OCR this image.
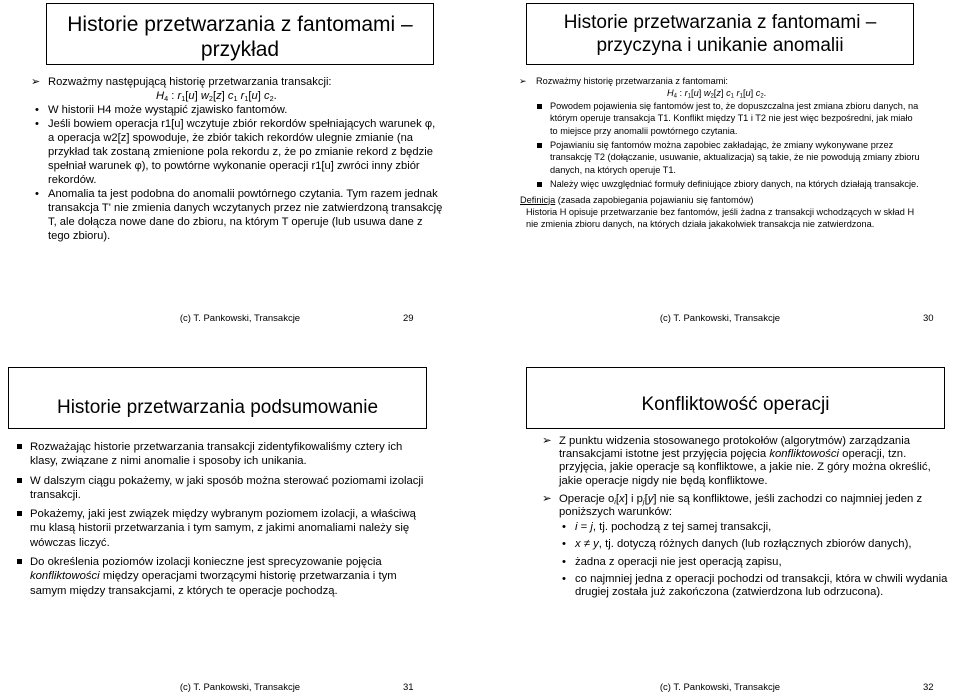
Historie przetwarzania z fantomami –
przykład
➢ Rozważmy następującą historię przetwarzania transakcji:
$H_4$ : $r_1[u]$ $w_2[z]$ $c_1$ $r_1[u]$ $c_2$.
• W historii H4 może wystąpić zjawisko fantomów.
• Jeśli bowiem operacja r1[u] wczytuje zbiór rekordów spełniających warunek φ, a operacja w2[z] spowoduje, że zbiór takich rekordów ulegnie zmianie (na przykład tak zostaną zmienione pola rekordu z, że po zmianie rekord z będzie spełniał warunek φ), to powtórne wykonanie operacji r1[u] zwróci inny zbiór rekordów.
• Anomalia ta jest podobna do anomalii powtórnego czytania. Tym razem jednak transakcja T' nie zmienia danych wczytanych przez nie zatwierdzoną transakcję T, ale dołącza nowe dane do zbioru, na którym T operuje (lub usuwa dane z tego zbioru).
(c) T. Pankowski, Transakcje	29
Historie przetwarzania z fantomami –
przyczyna i unikanie anomalii
➢ Rozważmy historię przetwarzania z fantomami:
$H_4$ : $r_1[u]$ $w_2[z]$ $c_1$ $r_1[u]$ $c_2$.
Powodem pojawienia się fantomów jest to, że dopuszczalna jest zmiana zbioru danych, na którym operuje transakcja T1. Konflikt między T1 i T2 nie jest więc bezpośredni, jak miało to miejsce przy anomalii powtórnego czytania.
Pojawianiu się fantomów można zapobiec zakładając, że zmiany wykonywane przez transakcję T2 (dołączanie, usuwanie, aktualizacja) są takie, że nie powodują zmiany zbioru danych, na których operuje T1.
Należy więc uwzględniać formuły definiujące zbiory danych, na których działają transakcje.
Definicja (zasada zapobiegania pojawianiu się fantomów)
Historia H opisuje przetwarzanie bez fantomów, jeśli żadna z transakcji wchodzących w skład H nie zmienia zbioru danych, na których działa jakakolwiek transakcja nie zatwierdzona.
(c) T. Pankowski, Transakcje	30
Historie przetwarzania podsumowanie
Rozważając historie przetwarzania transakcji zidentyfikowaliśmy cztery ich klasy, związane z nimi anomalie i sposoby ich unikania.
W dalszym ciągu pokażemy, w jaki sposób można sterować poziomami izolacji transakcji.
Pokażemy, jaki jest związek między wybranym poziomem izolacji, a właściwą mu klasą historii przetwarzania i tym samym, z jakimi anomaliami należy się wówczas liczyć.
Do określenia poziomów izolacji konieczne jest sprecyzowanie pojęcia konfliktowości między operacjami tworzącymi historię przetwarzania i tym samym między transakcjami, z których te operacje pochodzą.
(c) T. Pankowski, Transakcje	31
Konfliktowość operacji
➢ Z punktu widzenia stosowanego protokołów (algorytmów) zarządzania transakcjami istotne jest przyjęcia pojęcia konfliktowości operacji, tzn. przyjęcia, jakie operacje są konfliktowe, a jakie nie. Z góry można określić, jakie operacje nigdy nie będą konfliktowe.
➢ Operacje $o_i[x]$ i $p_j[y]$ nie są konfliktowe, jeśli zachodzi co najmniej jeden z poniższych warunków:
• i = j, tj. pochodzą z tej samej transakcji,
• x ≠ y, tj. dotyczą różnych danych (lub rozłącznych zbiorów danych),
• żadna z operacji nie jest operacją zapisu,
• co najmniej jedna z operacji pochodzi od transakcji, która w chwili wydania drugiej została już zakończona (zatwierdzona lub odrzucona).
(c) T. Pankowski, Transakcje	32
